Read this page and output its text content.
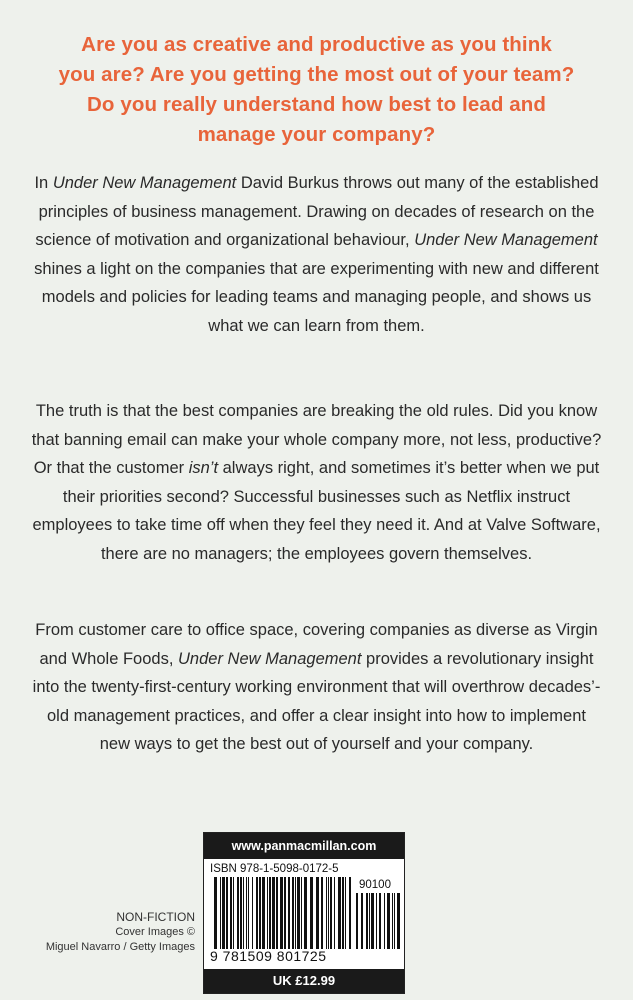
Are you as creative and productive as you think
you are? Are you getting the most out of your team?
Do you really understand how best to lead and
manage your company?
In Under New Management David Burkus throws out many of the established principles of business management. Drawing on decades of research on the science of motivation and organizational behaviour, Under New Management shines a light on the companies that are experimenting with new and different models and policies for leading teams and managing people, and shows us what we can learn from them.
The truth is that the best companies are breaking the old rules. Did you know that banning email can make your whole company more, not less, productive? Or that the customer isn’t always right, and sometimes it’s better when we put their priorities second? Successful businesses such as Netflix instruct employees to take time off when they feel they need it. And at Valve Software, there are no managers; the employees govern themselves.
From customer care to office space, covering companies as diverse as Virgin and Whole Foods, Under New Management provides a revolutionary insight into the twenty-first-century working environment that will overthrow decades’-old management practices, and offer a clear insight into how to implement new ways to get the best out of yourself and your company.
NON-FICTION
Cover Images ©
Miguel Navarro / Getty Images
www.panmacmillan.com
ISBN 978-1-5098-0172-5
90100
9 781509 801725
UK £12.99
